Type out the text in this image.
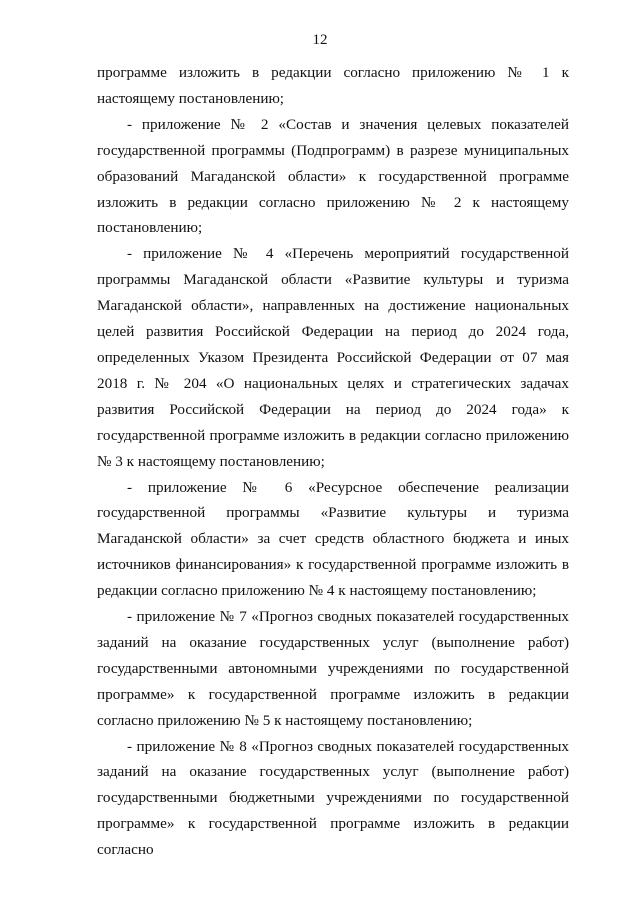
12

программе изложить в редакции согласно приложению № 1 к настоящему постановлению;

- приложение № 2 «Состав и значения целевых показателей государственной программы (Подпрограмм) в разрезе муниципальных образований Магаданской области» к государственной программе изложить в редакции согласно приложению № 2 к настоящему постановлению;

- приложение № 4 «Перечень мероприятий государственной программы Магаданской области «Развитие культуры и туризма Магаданской области», направленных на достижение национальных целей развития Российской Федерации на период до 2024 года, определенных Указом Президента Российской Федерации от 07 мая 2018 г. № 204 «О национальных целях и стратегических задачах развития Российской Федерации на период до 2024 года» к государственной программе изложить в редакции согласно приложению № 3 к настоящему постановлению;

- приложение № 6 «Ресурсное обеспечение реализации государственной программы «Развитие культуры и туризма Магаданской области» за счет средств областного бюджета и иных источников финансирования» к государственной программе изложить в редакции согласно приложению № 4 к настоящему постановлению;

- приложение № 7 «Прогноз сводных показателей государственных заданий на оказание государственных услуг (выполнение работ) государственными автономными учреждениями по государственной программе» к государственной программе изложить в редакции согласно приложению № 5 к настоящему постановлению;

- приложение № 8 «Прогноз сводных показателей государственных заданий на оказание государственных услуг (выполнение работ) государственными бюджетными учреждениями по государственной программе» к государственной программе изложить в редакции согласно
